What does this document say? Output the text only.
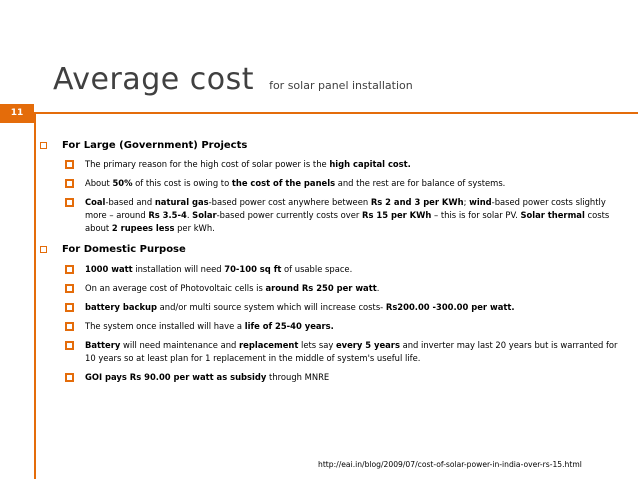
Average cost for solar panel installation
11
For Large (Government) Projects
The primary reason for the high cost of solar power is the high capital cost.
About 50% of this cost is owing to the cost of the panels and the rest are for balance of systems.
Coal-based and natural gas-based power cost anywhere between Rs 2 and 3 per KWh; wind-based power costs slightly more – around Rs 3.5-4. Solar-based power currently costs over Rs 15 per KWh – this is for solar PV. Solar thermal costs about 2 rupees less per kWh.
For Domestic Purpose
1000 watt installation will need 70-100 sq ft of usable space.
On an average cost of Photovoltaic cells is around Rs 250 per watt.
battery backup and/or multi source system which will increase costs- Rs200.00 -300.00 per watt.
The system once installed will have a life of 25-40 years.
Battery will need maintenance and replacement lets say every 5 years and inverter may last 20 years but is warranted for 10 years so at least plan for 1 replacement in the middle of system's useful life.
GOI pays Rs 90.00 per watt as subsidy through MNRE
http://eai.in/blog/2009/07/cost-of-solar-power-in-india-over-rs-15.html
